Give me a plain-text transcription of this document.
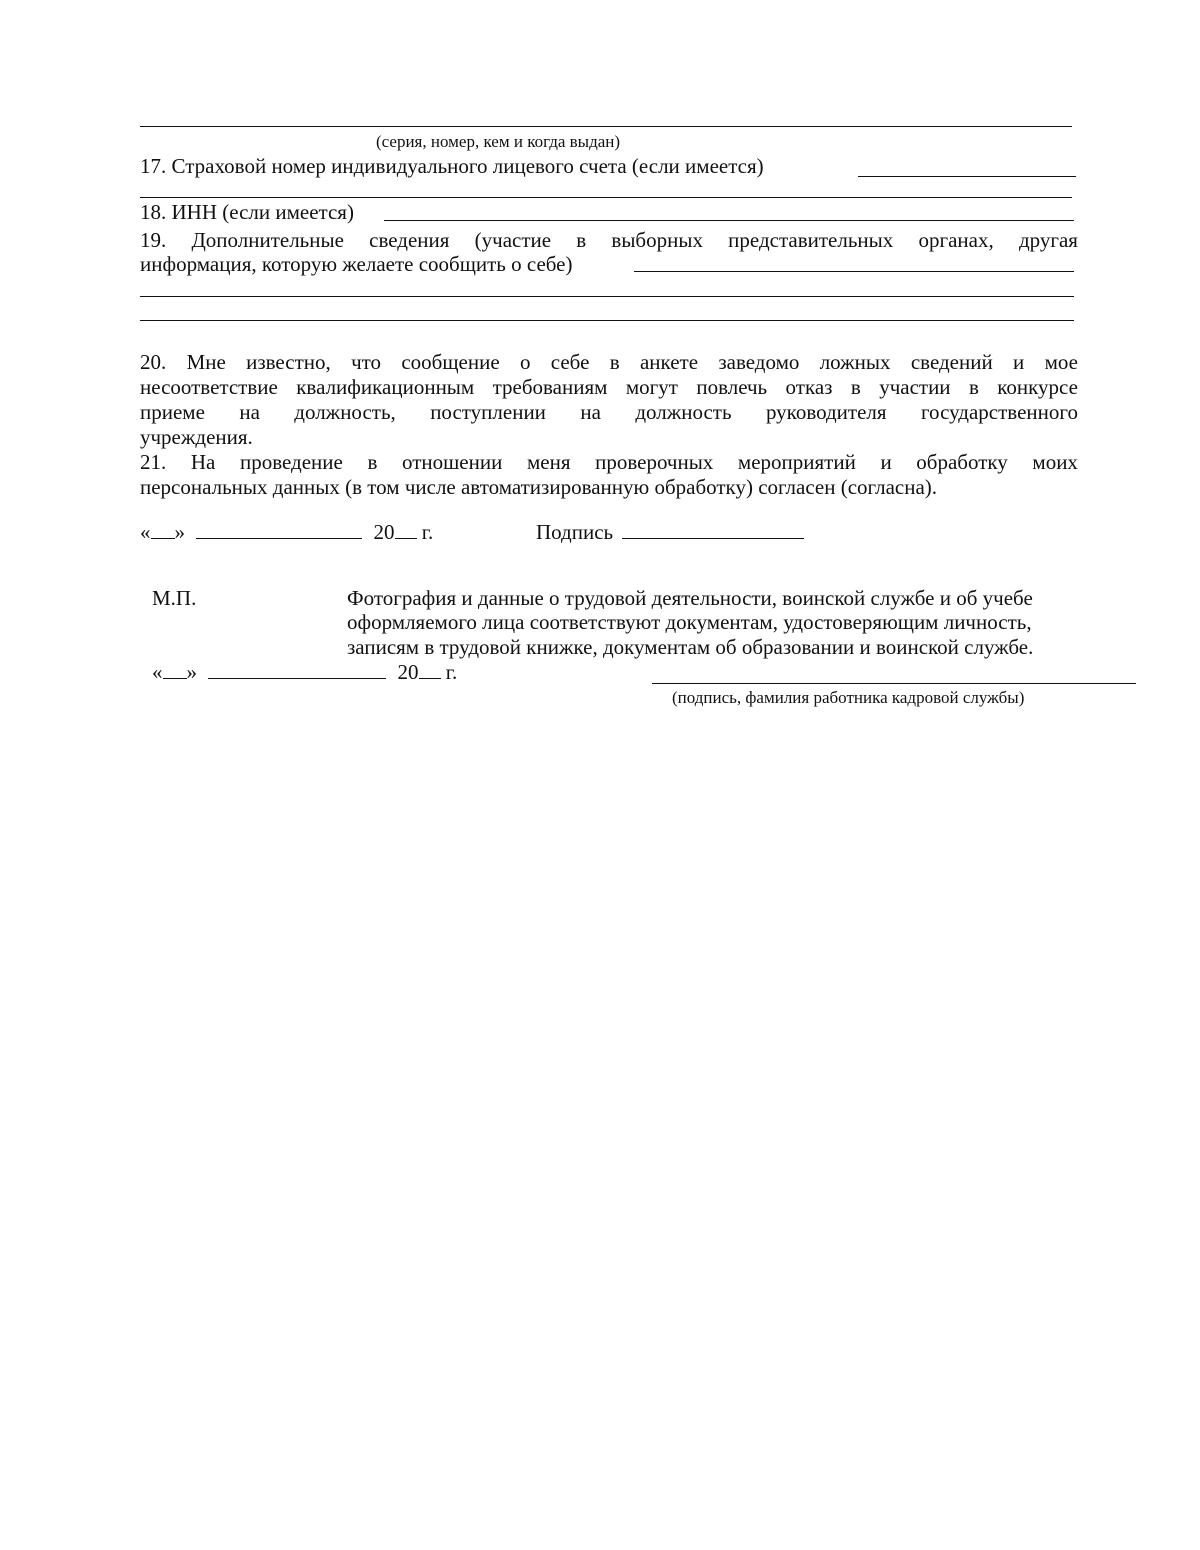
(серия, номер, кем и когда выдан)
17. Страховой номер индивидуального лицевого счета (если имеется)
18. ИНН (если имеется)
19. Дополнительные сведения (участие в выборных представительных органах, другая
информация, которую желаете сообщить о себе)
20. Мне известно, что сообщение о себе в анкете заведомо ложных сведений и мое
несоответствие квалификационным требованиям могут повлечь отказ в участии в конкурсе
приеме на должность, поступлении на должность руководителя государственного
учреждения.
21. На проведение в отношении меня проверочных мероприятий и обработку моих
персональных данных (в том числе автоматизированную обработку) согласен (согласна).
« »	20 г.	Подпись
М.П.	Фотография и данные о трудовой деятельности, воинской службе и об учебе
оформляемого лица соответствуют документам, удостоверяющим личность,
записям в трудовой книжке, документам об образовании и воинской службе.
« »	20 г.
(подпись, фамилия работника кадровой службы)
